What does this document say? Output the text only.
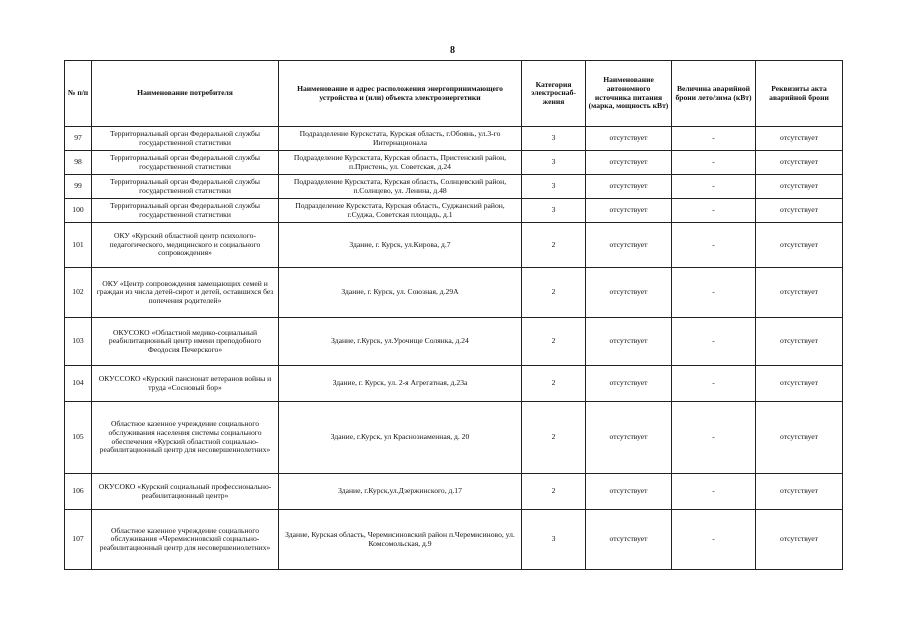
8
№ п/п	Наименование потребителя	Наименование и адрес расположения энергопринимающего устройства и (или) объекта электроэнергетики	Категория электроснаб-жения	Наименование автономного источника питания (марка, мощность кВт)	Величина аварийной брони лето/зима (кВт)	Реквизиты акта аварийной брони
97	Территориальный орган Федеральной службы государственной статистики	Подразделение Курскстата, Курская область, г.Обоянь, ул.3-го Интернационала	3	отсутствует	-	отсутствует
98	Территориальный орган Федеральной службы государственной статистики	Подразделение Курскстата, Курская область, Пристенский район, п.Пристень, ул. Советская, д.24	3	отсутствует	-	отсутствует
99	Территориальный орган Федеральной службы государственной статистики	Подразделение Курскстата, Курская область, Солнцевский район, п.Солнцево, ул. Ленина, д.48	3	отсутствует	-	отсутствует
100	Территориальный орган Федеральной службы государственной статистики	Подразделение Курскстата, Курская область, Суджанский район, г.Суджа, Советская площадь, д.1	3	отсутствует	-	отсутствует
101	ОКУ «Курский областной центр психолого-педагогического, медицинского и социального сопровождения»	Здание, г. Курск, ул.Кирова, д.7	2	отсутствует	-	отсутствует
102	ОКУ «Центр сопровождения замещающих семей и граждан из числа детей-сирот и детей, оставшихся без попечения родителей»	Здание, г. Курск, ул. Союзная, д.29А	2	отсутствует	-	отсутствует
103	ОКУСОКО «Областной медико-социальный реабилитационный центр имени преподобного Феодосия Печерского»	Здание, г.Курск, ул.Урочище Солянка, д.24	2	отсутствует	-	отсутствует
104	ОКУССОКО «Курский пансионат ветеранов войны и труда «Сосновый бор»	Здание, г. Курск, ул. 2-я Агрегатная, д.23а	2	отсутствует	-	отсутствует
105	Областное казенное учреждение социального обслуживания населения системы социального обеспечения «Курский областной социально-реабилитационный центр для несовершеннолетних»	Здание, г.Курск, ул Краснознаменная, д. 20	2	отсутствует	-	отсутствует
106	ОКУСОКО «Курский социальный профессионально-реабилитационный центр»	Здание, г.Курск,ул.Дзержинского, д.17	2	отсутствует	-	отсутствует
107	Областное казенное учреждение социального обслуживания «Черемисиновский социально-реабилитационный центр для несовершеннолетних»	Здание, Курская область, Черемисиновский район п.Черемисиново, ул. Комсомольская, д.9	3	отсутствует	-	отсутствует
